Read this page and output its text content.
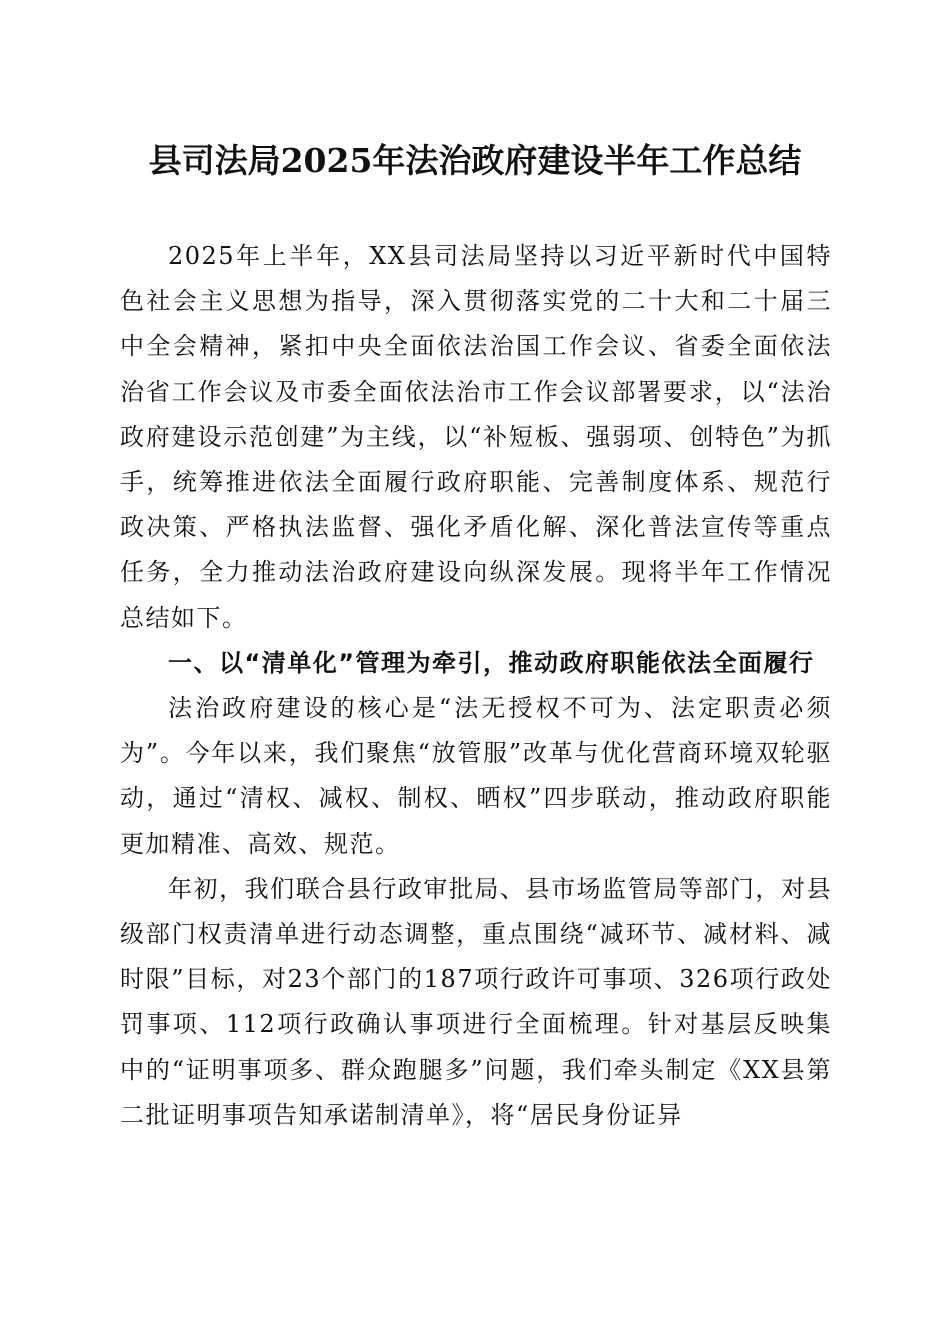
县司法局2025年法治政府建设半年工作总结

2025年上半年，XX县司法局坚持以习近平新时代中国特色社会主义思想为指导，深入贯彻落实党的二十大和二十届三中全会精神，紧扣中央全面依法治国工作会议、省委全面依法治省工作会议及市委全面依法治市工作会议部署要求，以“法治政府建设示范创建”为主线，以“补短板、强弱项、创特色”为抓手，统筹推进依法全面履行政府职能、完善制度体系、规范行政决策、严格执法监督、强化矛盾化解、深化普法宣传等重点任务，全力推动法治政府建设向纵深发展。现将半年工作情况总结如下。

一、以“清单化”管理为牵引，推动政府职能依法全面履行

法治政府建设的核心是“法无授权不可为、法定职责必须为”。今年以来，我们聚焦“放管服”改革与优化营商环境双轮驱动，通过“清权、减权、制权、晒权”四步联动，推动政府职能更加精准、高效、规范。

年初，我们联合县行政审批局、县市场监管局等部门，对县级部门权责清单进行动态调整，重点围绕“减环节、减材料、减时限”目标，对23个部门的187项行政许可事项、326项行政处罚事项、112项行政确认事项进行全面梳理。针对基层反映集中的“证明事项多、群众跑腿多”问题，我们牵头制定《XX县第二批证明事项告知承诺制清单》，将“居民身份证异
